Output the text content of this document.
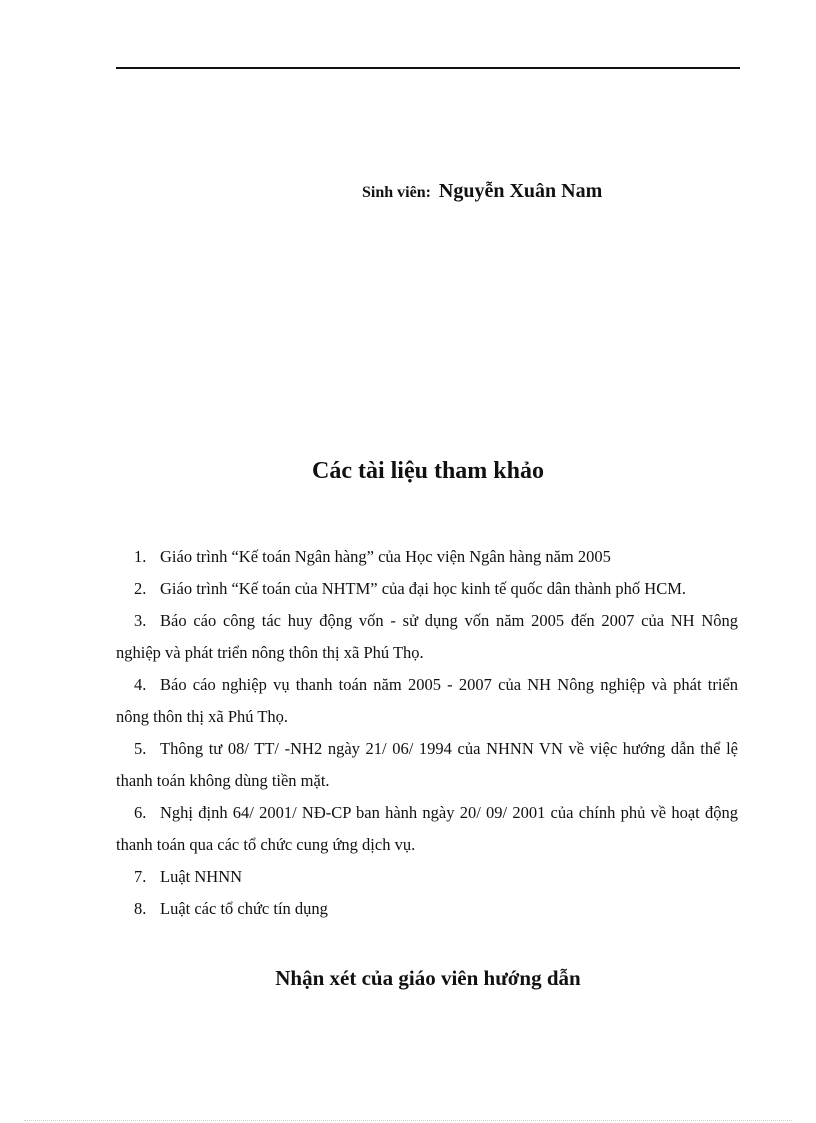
Sinh viên: Nguyễn Xuân Nam
Các tài liệu tham khảo
1. Giáo trình “Kế toán Ngân hàng” của Học viện Ngân hàng năm 2005
2. Giáo trình “Kế toán của NHTM” của đại học kinh tế quốc dân thành phố HCM.
3. Báo cáo công tác huy động vốn - sử dụng vốn năm 2005 đến 2007 của NH Nông nghiệp và phát triển nông thôn thị xã Phú Thọ.
4. Báo cáo nghiệp vụ thanh toán năm 2005 - 2007 của NH Nông nghiệp và phát triển nông thôn thị xã Phú Thọ.
5. Thông tư 08/ TT/ -NH2 ngày 21/ 06/ 1994 của NHNN VN về việc hướng dẫn thể lệ thanh toán không dùng tiền mặt.
6. Nghị định 64/ 2001/ NĐ-CP ban hành ngày 20/ 09/ 2001 của chính phủ về hoạt động thanh toán qua các tổ chức cung ứng dịch vụ.
7. Luật NHNN
8. Luật các tổ chức tín dụng
Nhận xét của giáo viên hướng dẫn
